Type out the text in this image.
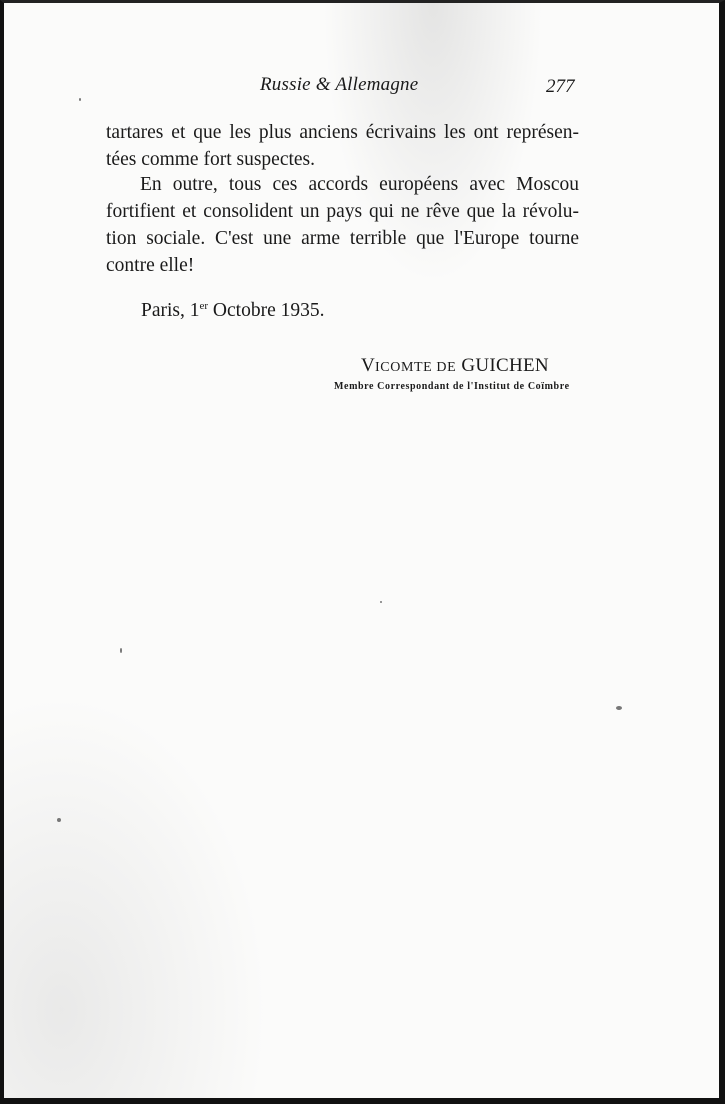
Russie & Allemagne	277

tartares et que les plus anciens écrivains les ont représen-
tées comme fort suspectes.

En outre, tous ces accords européens avec Moscou
fortifient et consolident un pays qui ne rêve que la révolu-
tion sociale. C'est une arme terrible que l'Europe tourne
contre elle!

Paris, 1er Octobre 1935.
VICOMTE DE GUICHEN
Membre Correspondant de l'Institut de Coïmbre
